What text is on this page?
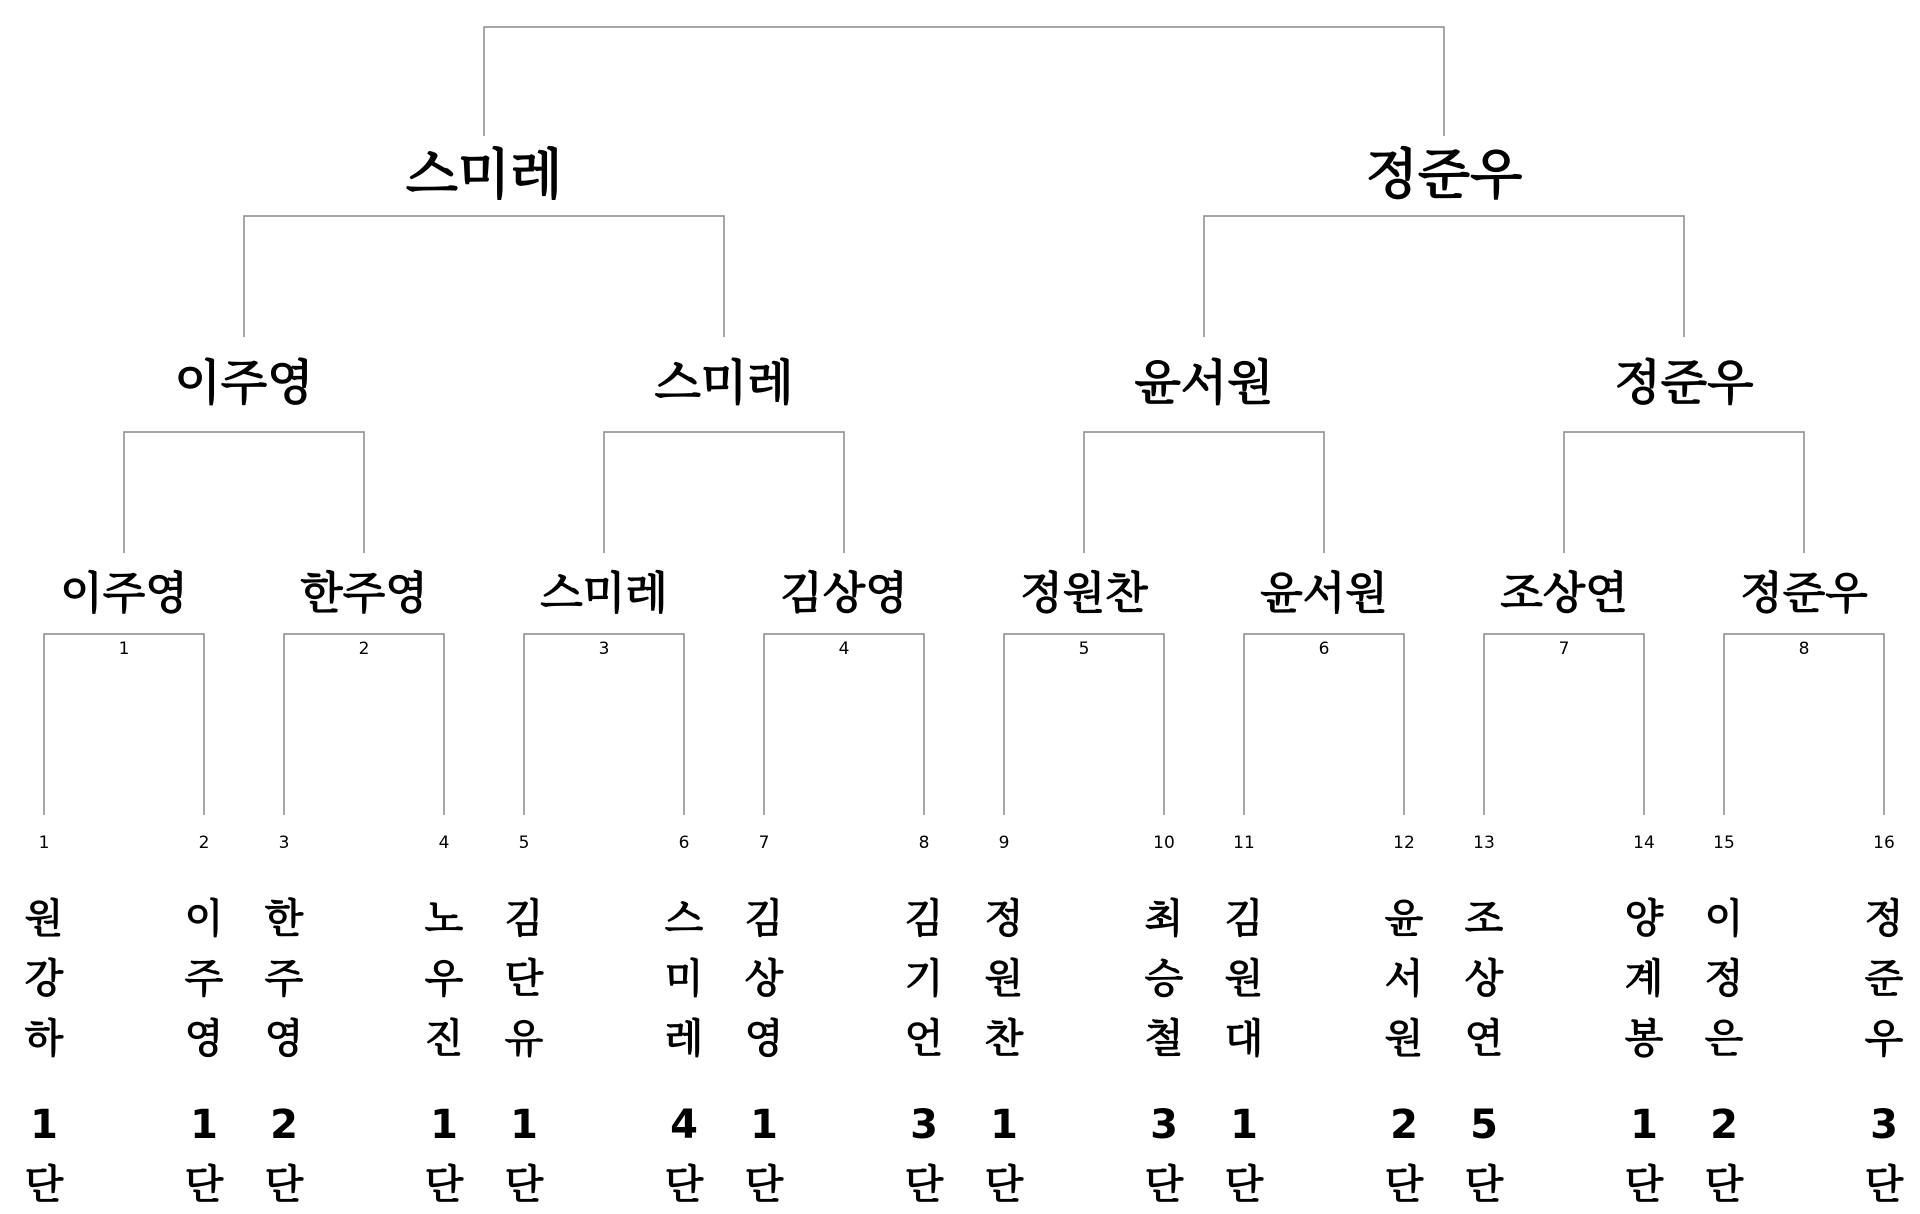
1	2	3	4	5	6	7	8
스미레	정준우
이주영	스미레	윤서원	정준우
이주영	한주영	스미레	김상영	정원찬	윤서원	조상연	정준우
1
원
강
하
1
단
2
이
주
영
1
단
3
한
주
영
2
단
4
노
우
진
1
단
5
김
단
유
1
단
6
스
미
레
4
단
7
김
상
영
1
단
8
김
기
언
3
단
9
정
원
찬
1
단
10
최
승
철
3
단
11
김
원
대
1
단
12
윤
서
원
2
단
13
조
상
연
5
단
14
양
계
봉
1
단
15
이
정
은
2
단
16
정
준
우
3
단
